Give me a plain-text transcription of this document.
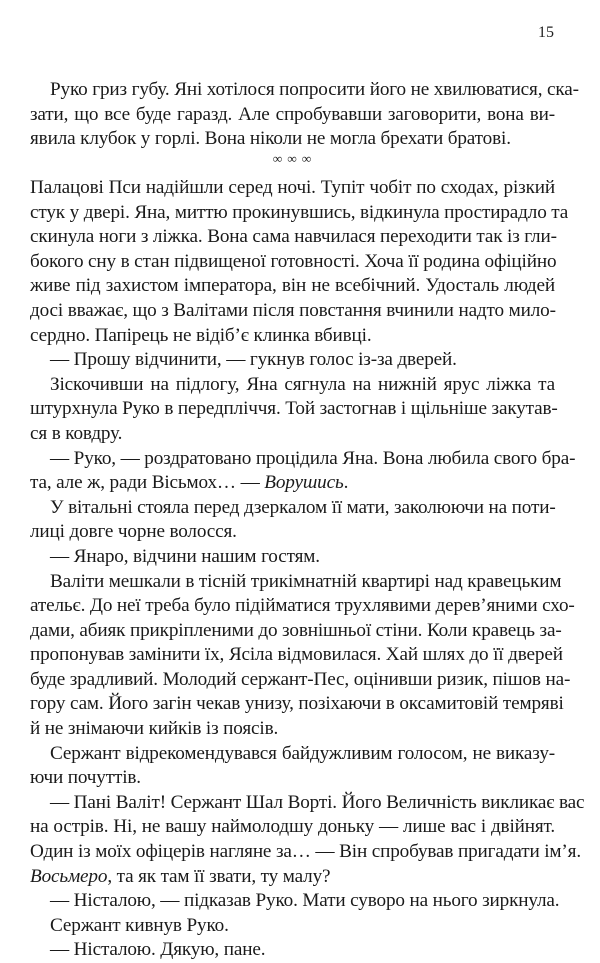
15
Руко гриз губу. Яні хотілося попросити його не хвилюватися, ска-
зати, що все буде гаразд. Але спробувавши заговорити, вона ви-
явила клубок у горлі. Вона ніколи не могла брехати братові.
∞ ∞ ∞
Палацові Пси надійшли серед ночі. Тупіт чобіт по сходах, різкий
стук у двері. Яна, миттю прокинувшись, відкинула простирадло та
скинула ноги з ліжка. Вона сама навчилася переходити так із гли-
бокого сну в стан підвищеної готовності. Хоча її родина офіційно
живе під захистом імператора, він не всебічний. Удосталь людей
досі вважає, що з Валітами після повстання вчинили надто мило-
сердно. Папірець не відіб’є клинка вбивці.
— Прошу відчинити, — гукнув голос із-за дверей.
Зіскочивши на підлогу, Яна сягнула на нижній ярус ліжка та
штурхнула Руко в передпліччя. Той застогнав і щільніше закутав-
ся в ковдру.
— Руко, — роздратовано процідила Яна. Вона любила свого бра-
та, але ж, ради Вісьмох… — Ворушись.
У вітальні стояла перед дзеркалом її мати, заколюючи на поти-
лиці довге чорне волосся.
— Янаро, відчини нашим гостям.
Валіти мешкали в тісній трикімнатній квартирі над кравецьким
ательє. До неї треба було підійматися трухлявими дерев’яними схо-
дами, абияк прикріпленими до зовнішньої стіни. Коли кравець за-
пропонував замінити їх, Ясіла відмовилася. Хай шлях до її дверей
буде зрадливий. Молодий сержант-Пес, оцінивши ризик, пішов на-
гору сам. Його загін чекав унизу, позіхаючи в оксамитовій темряві
й не знімаючи кийків із поясів.
Сержант відрекомендувався байдужливим голосом, не виказу-
ючи почуттів.
— Пані Валіт! Сержант Шал Ворті. Його Величність викликає вас
на острів. Ні, не вашу наймолодшу доньку — лише вас і двійнят.
Один із моїх офіцерів нагляне за… — Він спробував пригадати ім’я.
Восьмеро, та як там її звати, ту малу?
— Ністалою, — підказав Руко. Мати суворо на нього зиркнула.
Сержант кивнув Руко.
— Ністалою. Дякую, пане.
